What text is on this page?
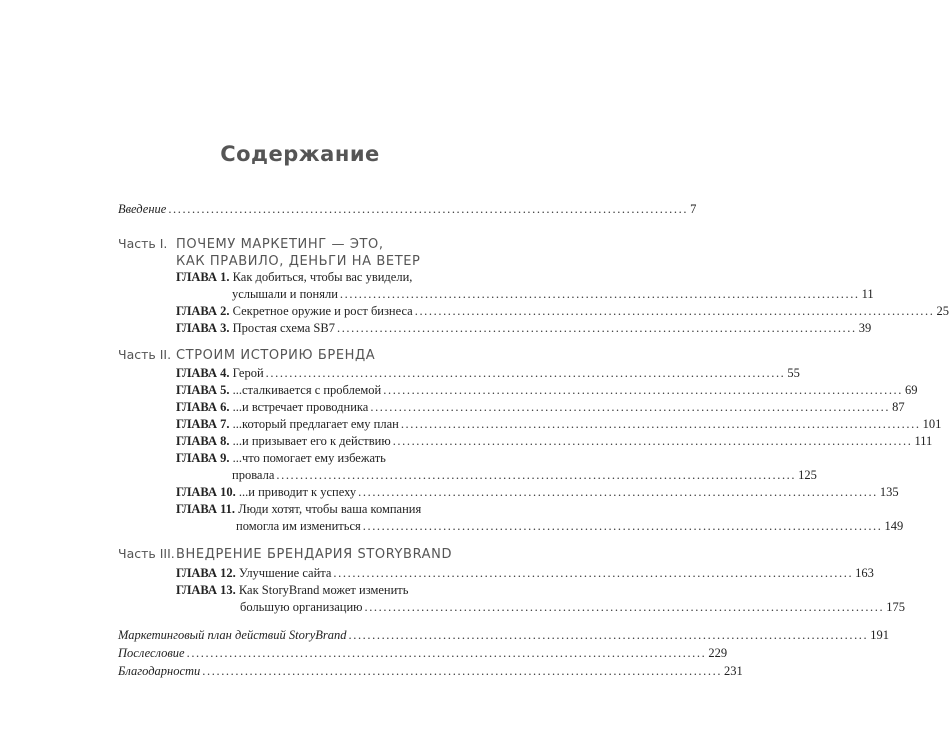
Содержание
Введение .............................................................................................................. 7
Часть I. ПОЧЕМУ МАРКЕТИНГ — ЭТО,
КАК ПРАВИЛО, ДЕНЬГИ НА ВЕТЕР
ГЛАВА 1. Как добиться, чтобы вас увидели,
услышали и поняли .............................................................................................................. 11
ГЛАВА 2. Секретное оружие и рост бизнеса .............................................................................................................. 25
ГЛАВА 3. Простая схема SB7 .............................................................................................................. 39
Часть II. СТРОИМ ИСТОРИЮ БРЕНДА
ГЛАВА 4. Герой .............................................................................................................. 55
ГЛАВА 5. ...сталкивается с проблемой .............................................................................................................. 69
ГЛАВА 6. ...и встречает проводника .............................................................................................................. 87
ГЛАВА 7. ...который предлагает ему план .............................................................................................................. 101
ГЛАВА 8. ...и призывает его к действию .............................................................................................................. 111
ГЛАВА 9. ...что помогает ему избежать
провала .............................................................................................................. 125
ГЛАВА 10. ...и приводит к успеху .............................................................................................................. 135
ГЛАВА 11. Люди хотят, чтобы ваша компания
помогла им измениться .............................................................................................................. 149
Часть III. ВНЕДРЕНИЕ БРЕНДАРИЯ STORYBRAND
ГЛАВА 12. Улучшение сайта .............................................................................................................. 163
ГЛАВА 13. Как StoryBrand может изменить
большую организацию .............................................................................................................. 175
Маркетинговый план действий StoryBrand .............................................................................................................. 191
Послесловие .............................................................................................................. 229
Благодарности .............................................................................................................. 231
